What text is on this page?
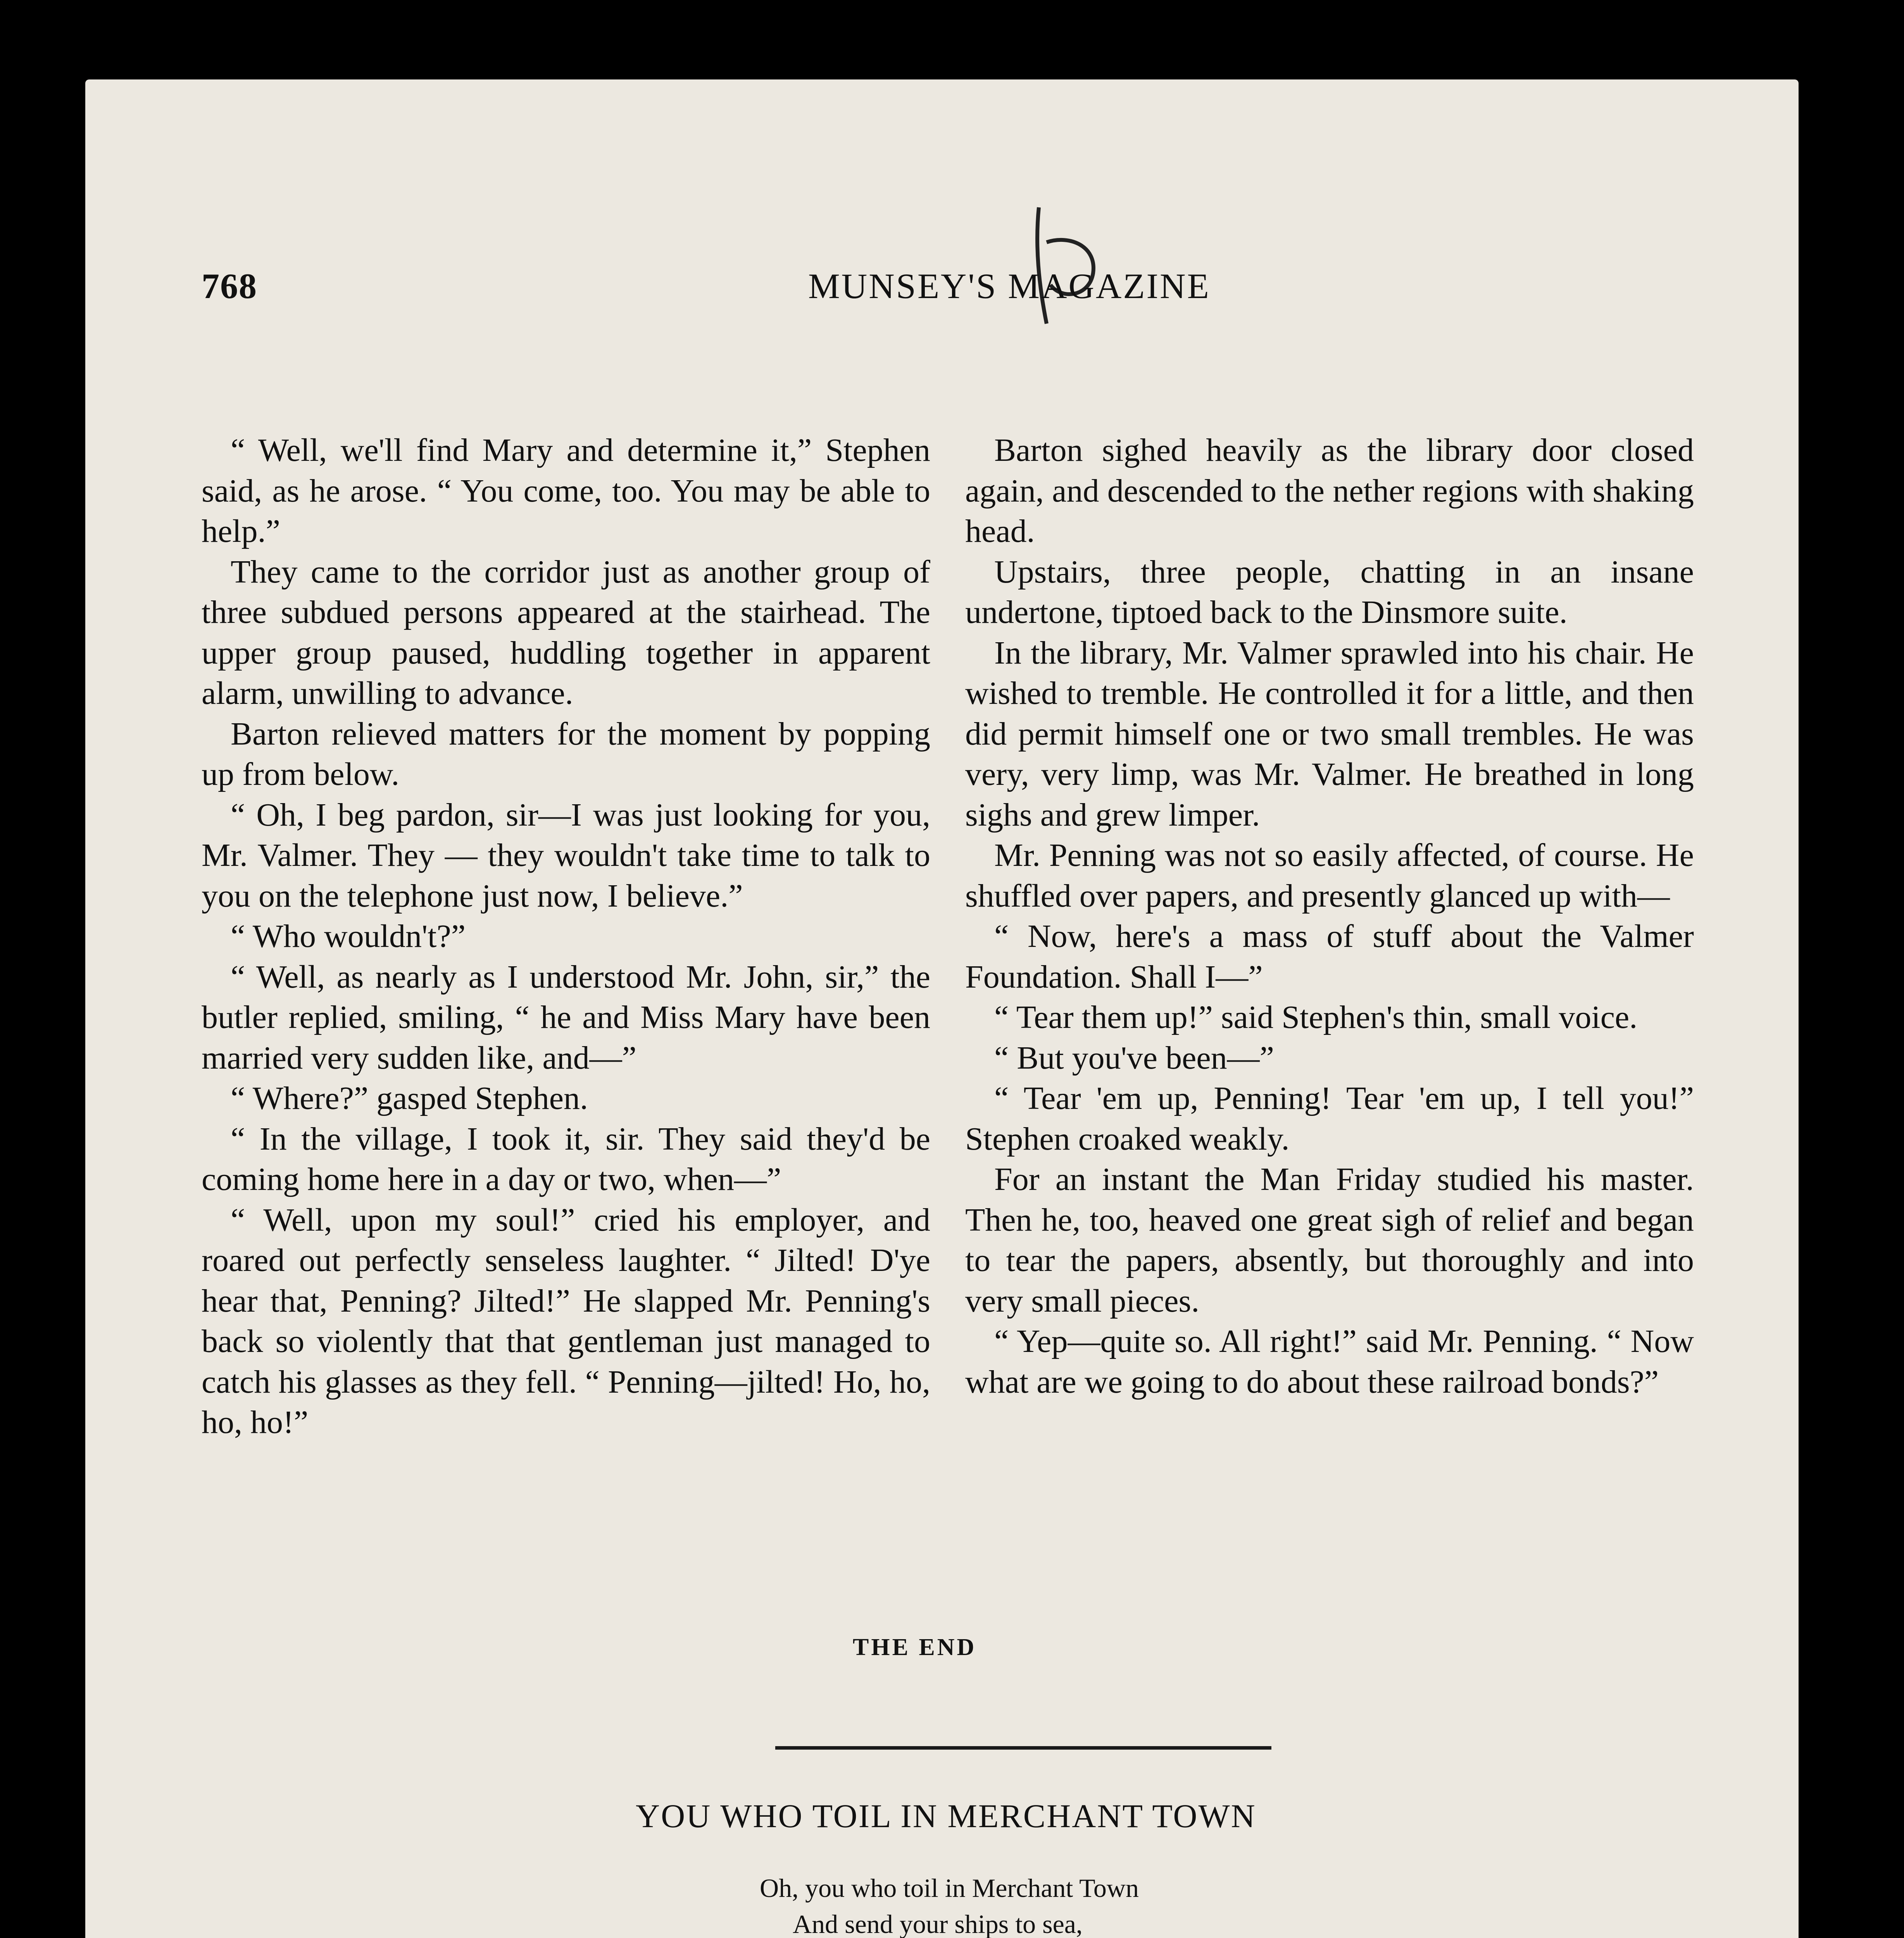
768	MUNSEY'S MAGAZINE

“ Well, we'll find Mary and determine it,” Stephen said, as he arose. “ You come, too. You may be able to help.”

They came to the corridor just as another group of three subdued persons appeared at the stairhead. The upper group paused, huddling together in apparent alarm, unwilling to advance.

Barton relieved matters for the moment by popping up from below.

“ Oh, I beg pardon, sir—I was just looking for you, Mr. Valmer. They — they wouldn't take time to talk to you on the telephone just now, I believe.”

“ Who wouldn't?”

“ Well, as nearly as I understood Mr. John, sir,” the butler replied, smiling, “ he and Miss Mary have been married very sudden like, and—”

“ Where?” gasped Stephen.

“ In the village, I took it, sir. They said they'd be coming home here in a day or two, when—”

“ Well, upon my soul!” cried his employer, and roared out perfectly senseless laughter. “ Jilted! D'ye hear that, Penning? Jilted!” He slapped Mr. Penning's back so violently that that gentleman just managed to catch his glasses as they fell. “ Penning—jilted! Ho, ho, ho, ho!”

Barton sighed heavily as the library door closed again, and descended to the nether regions with shaking head.

Upstairs, three people, chatting in an insane undertone, tiptoed back to the Dinsmore suite.

In the library, Mr. Valmer sprawled into his chair. He wished to tremble. He controlled it for a little, and then did permit himself one or two small trembles. He was very, very limp, was Mr. Valmer. He breathed in long sighs and grew limper.

Mr. Penning was not so easily affected, of course. He shuffled over papers, and presently glanced up with—

“ Now, here's a mass of stuff about the Valmer Foundation. Shall I—”

“ Tear them up!” said Stephen's thin, small voice.

“ But you've been—”

“ Tear 'em up, Penning! Tear 'em up, I tell you!” Stephen croaked weakly.

For an instant the Man Friday studied his master. Then he, too, heaved one great sigh of relief and began to tear the papers, absently, but thoroughly and into very small pieces.

“ Yep—quite so. All right!” said Mr. Penning. “ Now what are we going to do about these railroad bonds?”

THE END
YOU WHO TOIL IN MERCHANT TOWN
Oh, you who toil in Merchant Town
And send your ships to sea,
